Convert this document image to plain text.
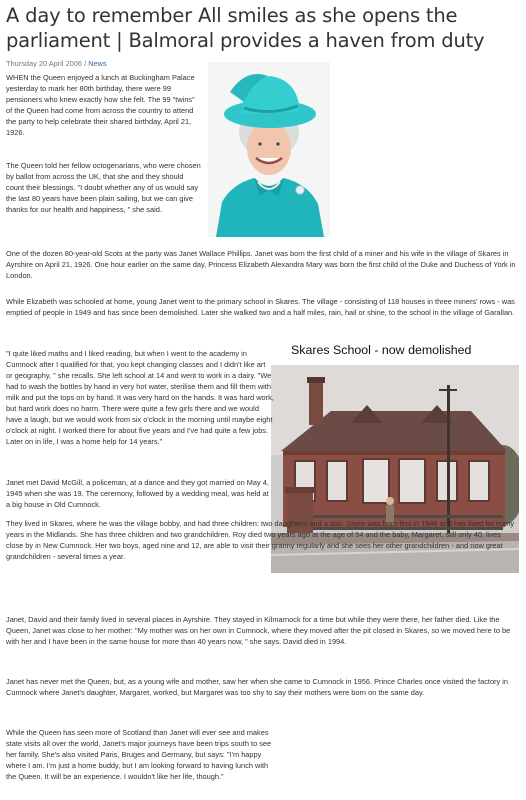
A day to remember All smiles as she opens the parliament | Balmoral provides a haven from duty
Thursday 20 April 2006 / News

WHEN the Queen enjoyed a lunch at Buckingham Palace yesterday to mark her 80th birthday, there were 99 pensioners who knew exactly how she felt. The 99 "twins" of the Queen had come from across the country to attend the party to help celebrate their shared birthday, April 21, 1926.

The Queen told her fellow octogenarians, who were chosen by ballot from across the UK, that she and they should count their blessings. "I doubt whether any of us would say the last 80 years have been plain sailing, but we can give thanks for our health and happiness, " she said.

One of the dozen 80-year-old Scots at the party was Janet Wallace Phillips. Janet was born the first child of a miner and his wife in the village of Skares in Ayrshire on April 21, 1926. One hour earlier on the same day, Princess Elizabeth Alexandra Mary was born the first child of the Duke and Duchess of York in London.

While Elizabeth was schooled at home, young Janet went to the primary school in Skares. The village - consisting of 118 houses in three miners' rows - was emptied of people in 1949 and has since been demolished. Later she walked two and a half miles, rain, hail or shine, to the school in the village of Garallan.

Skares School - now demolished

"I quite liked maths and I liked reading, but when I went to the academy in Cumnock after I qualified for that, you kept changing classes and I didn't like art or geography, " she recalls. She left school at 14 and went to work in a dairy. "We had to wash the bottles by hand in very hot water, sterilise them and fill them with milk and put the tops on by hand. It was very hard on the hands. It was hard work, but hard work does no harm. There were quite a few girls there and we would have a laugh, but we would work from six o'clock in the morning until maybe eight o'clock at night. I worked there for about five years and I've had quite a few jobs. Later on in life, I was a home help for 14 years."

Janet met David McGill, a policeman, at a dance and they got married on May 4, 1945 when she was 19. The ceremony, followed by a wedding meal, was held at a big house in Old Cumnock.

They lived in Skares, where he was the village bobby, and had three children: two daughters and a son. Joyce was born first in 1946 and has lived for many years in the Midlands. She has three children and two grandchildren. Roy died two years ago at the age of 54 and the baby, Margaret, still only 40, lives close by in New Cumnock. Her two boys, aged nine and 12, are able to visit their granny regularly and she sees her other grandchildren - and now great grandchildren - several times a year.

Janet, David and their family lived in several places in Ayrshire. They stayed in Kilmarnock for a time but while they were there, her father died. Like the Queen, Janet was close to her mother: "My mother was on her own in Cumnock, where they moved after the pit closed in Skares, so we moved here to be with her and I have been in the same house for more than 40 years now, " she says. David died in 1994.

Janet has never met the Queen, but, as a young wife and mother, saw her when she came to Cumnock in 1956. Prince Charles once visited the factory in Cumnock where Janet's daughter, Margaret, worked, but Margaret was too shy to say their mothers were born on the same day.

While the Queen has seen more of Scotland than Janet will ever see and makes state visits all over the world, Janet's major journeys have been trips south to see her family. She's also visited Paris, Bruges and Germany, but says: "I'm happy where I am. I'm just a home buddy, but I am looking forward to having lunch with the Queen. It will be an experience. I wouldn't like her life, though."
